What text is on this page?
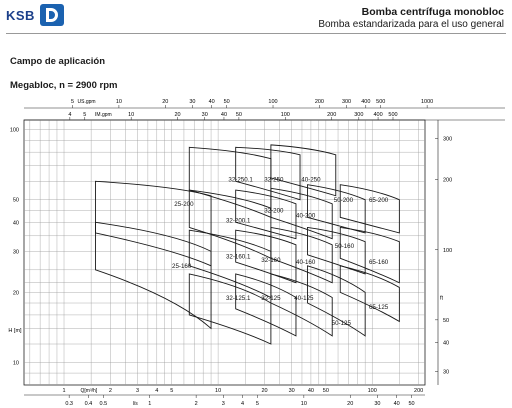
KSB	Bomba centrífuga monobloc
Bomba estandarizada para el uso general
Campo de aplicación
Megabloc, n = 2900 rpm
5	10	20	30 40 50	100	200	300 400 500	1000
US.gpm
4 5	10	20	30 40 50	100	200	300 400 500
IM.gpm
1	2	3	4 5	10	20	30 40 50	100	200
Q[m³/h]
0.3 0.4 0.5	1	2	3	4 5	10	20	30 40 50
l/s
10
20
30
40
50
100
H [m]
30
40
50
100
200
300
ft
32-250.1 32-250	40-250
25-200
32-200.1
32-200
40-200
50-200	65-200
32-160.1
32-160	40-160
50-160
25-160
65-160
32-125.1 32-125 40-125
65-125
50-125
